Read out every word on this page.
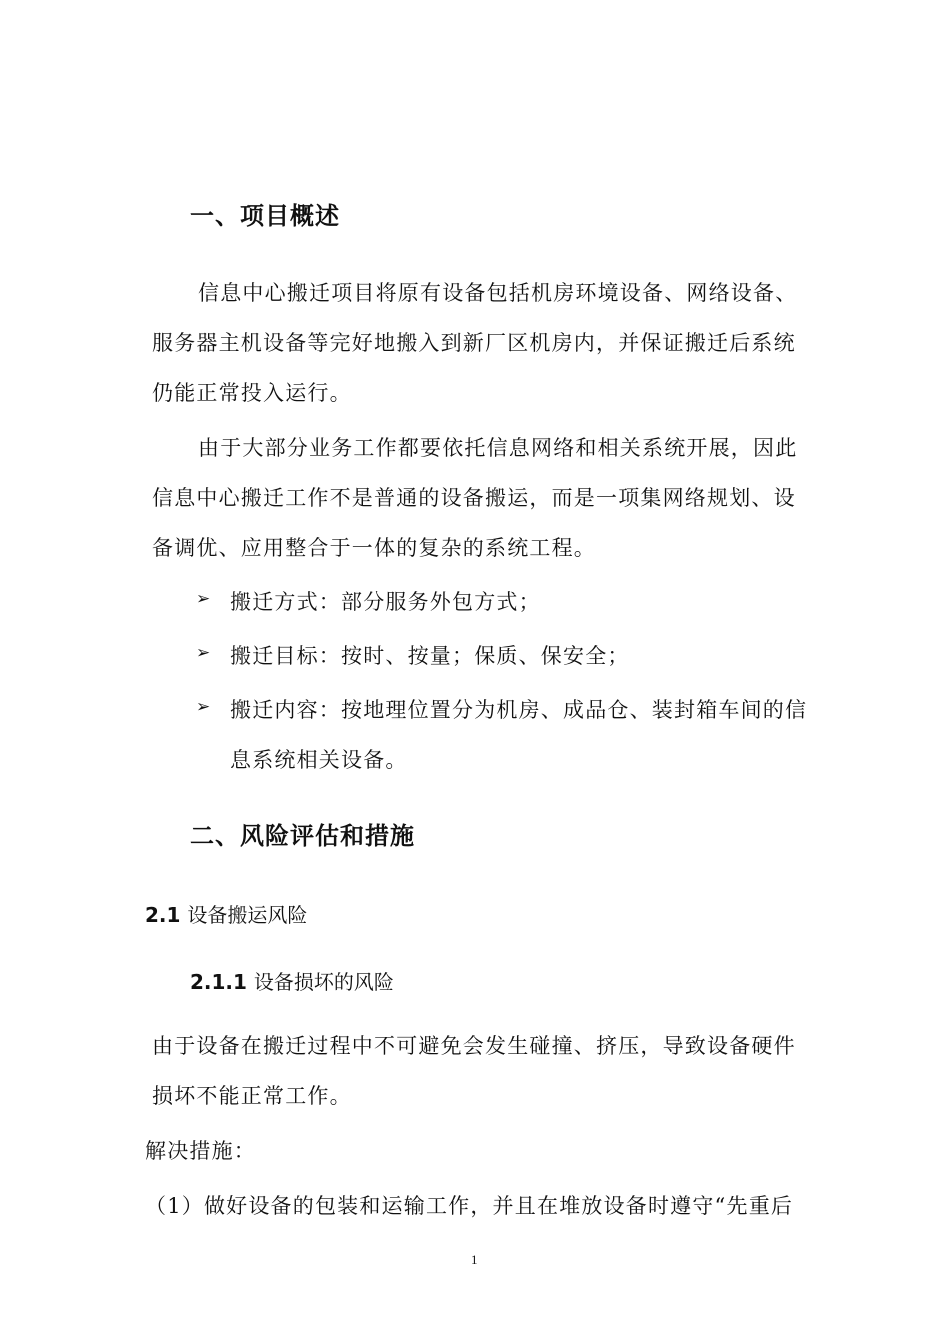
一、项目概述

信息中心搬迁项目将原有设备包括机房环境设备、网络设备、

服务器主机设备等完好地搬入到新厂区机房内，并保证搬迁后系统

仍能正常投入运行。

由于大部分业务工作都要依托信息网络和相关系统开展，因此

信息中心搬迁工作不是普通的设备搬运，而是一项集网络规划、设

备调优、应用整合于一体的复杂的系统工程。

➢ 搬迁方式：部分服务外包方式；

➢ 搬迁目标：按时、按量；保质、保安全；

➢ 搬迁内容：按地理位置分为机房、成品仓、装封箱车间的信

息系统相关设备。

二、风险评估和措施
2.1 设备搬运风险
2.1.1 设备损坏的风险

由于设备在搬迁过程中不可避免会发生碰撞、挤压，导致设备硬件

损坏不能正常工作。

解决措施：

（1）做好设备的包装和运输工作，并且在堆放设备时遵守“先重后

1
